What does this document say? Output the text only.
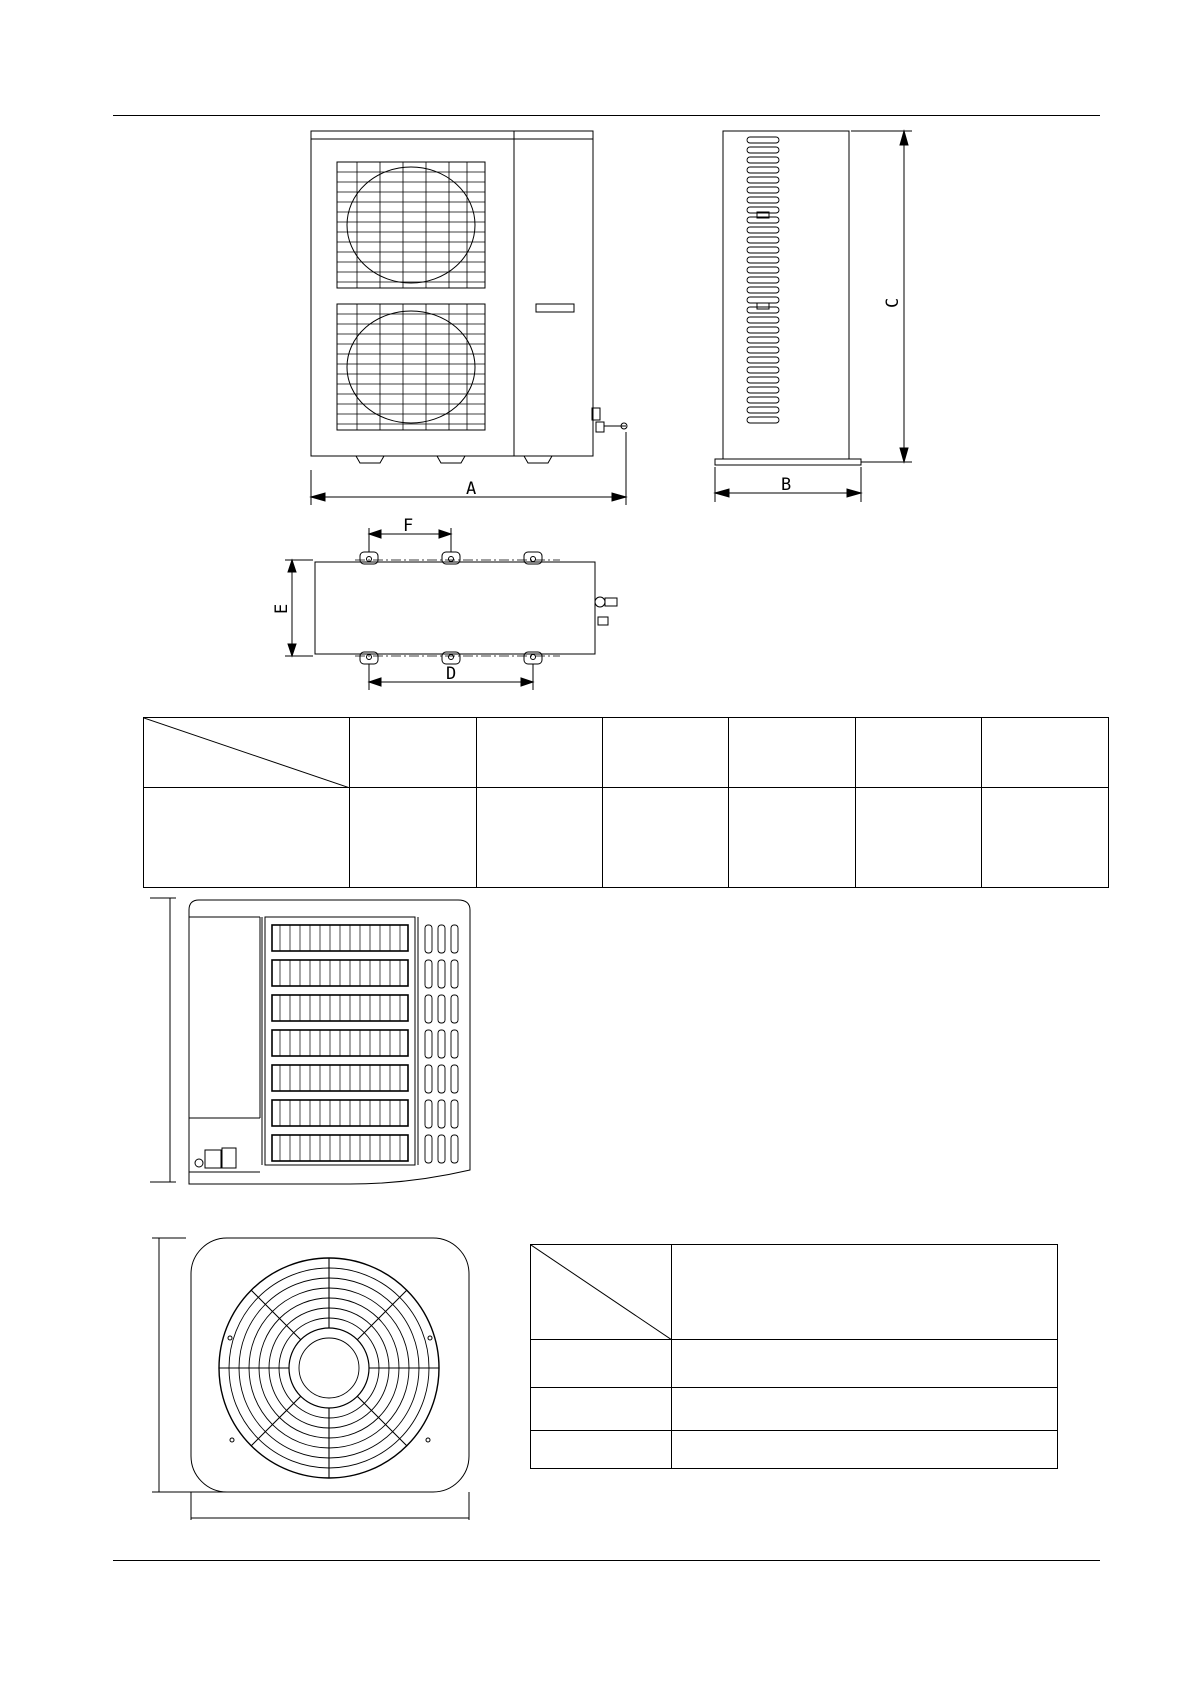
A	B
C
F
D
E
